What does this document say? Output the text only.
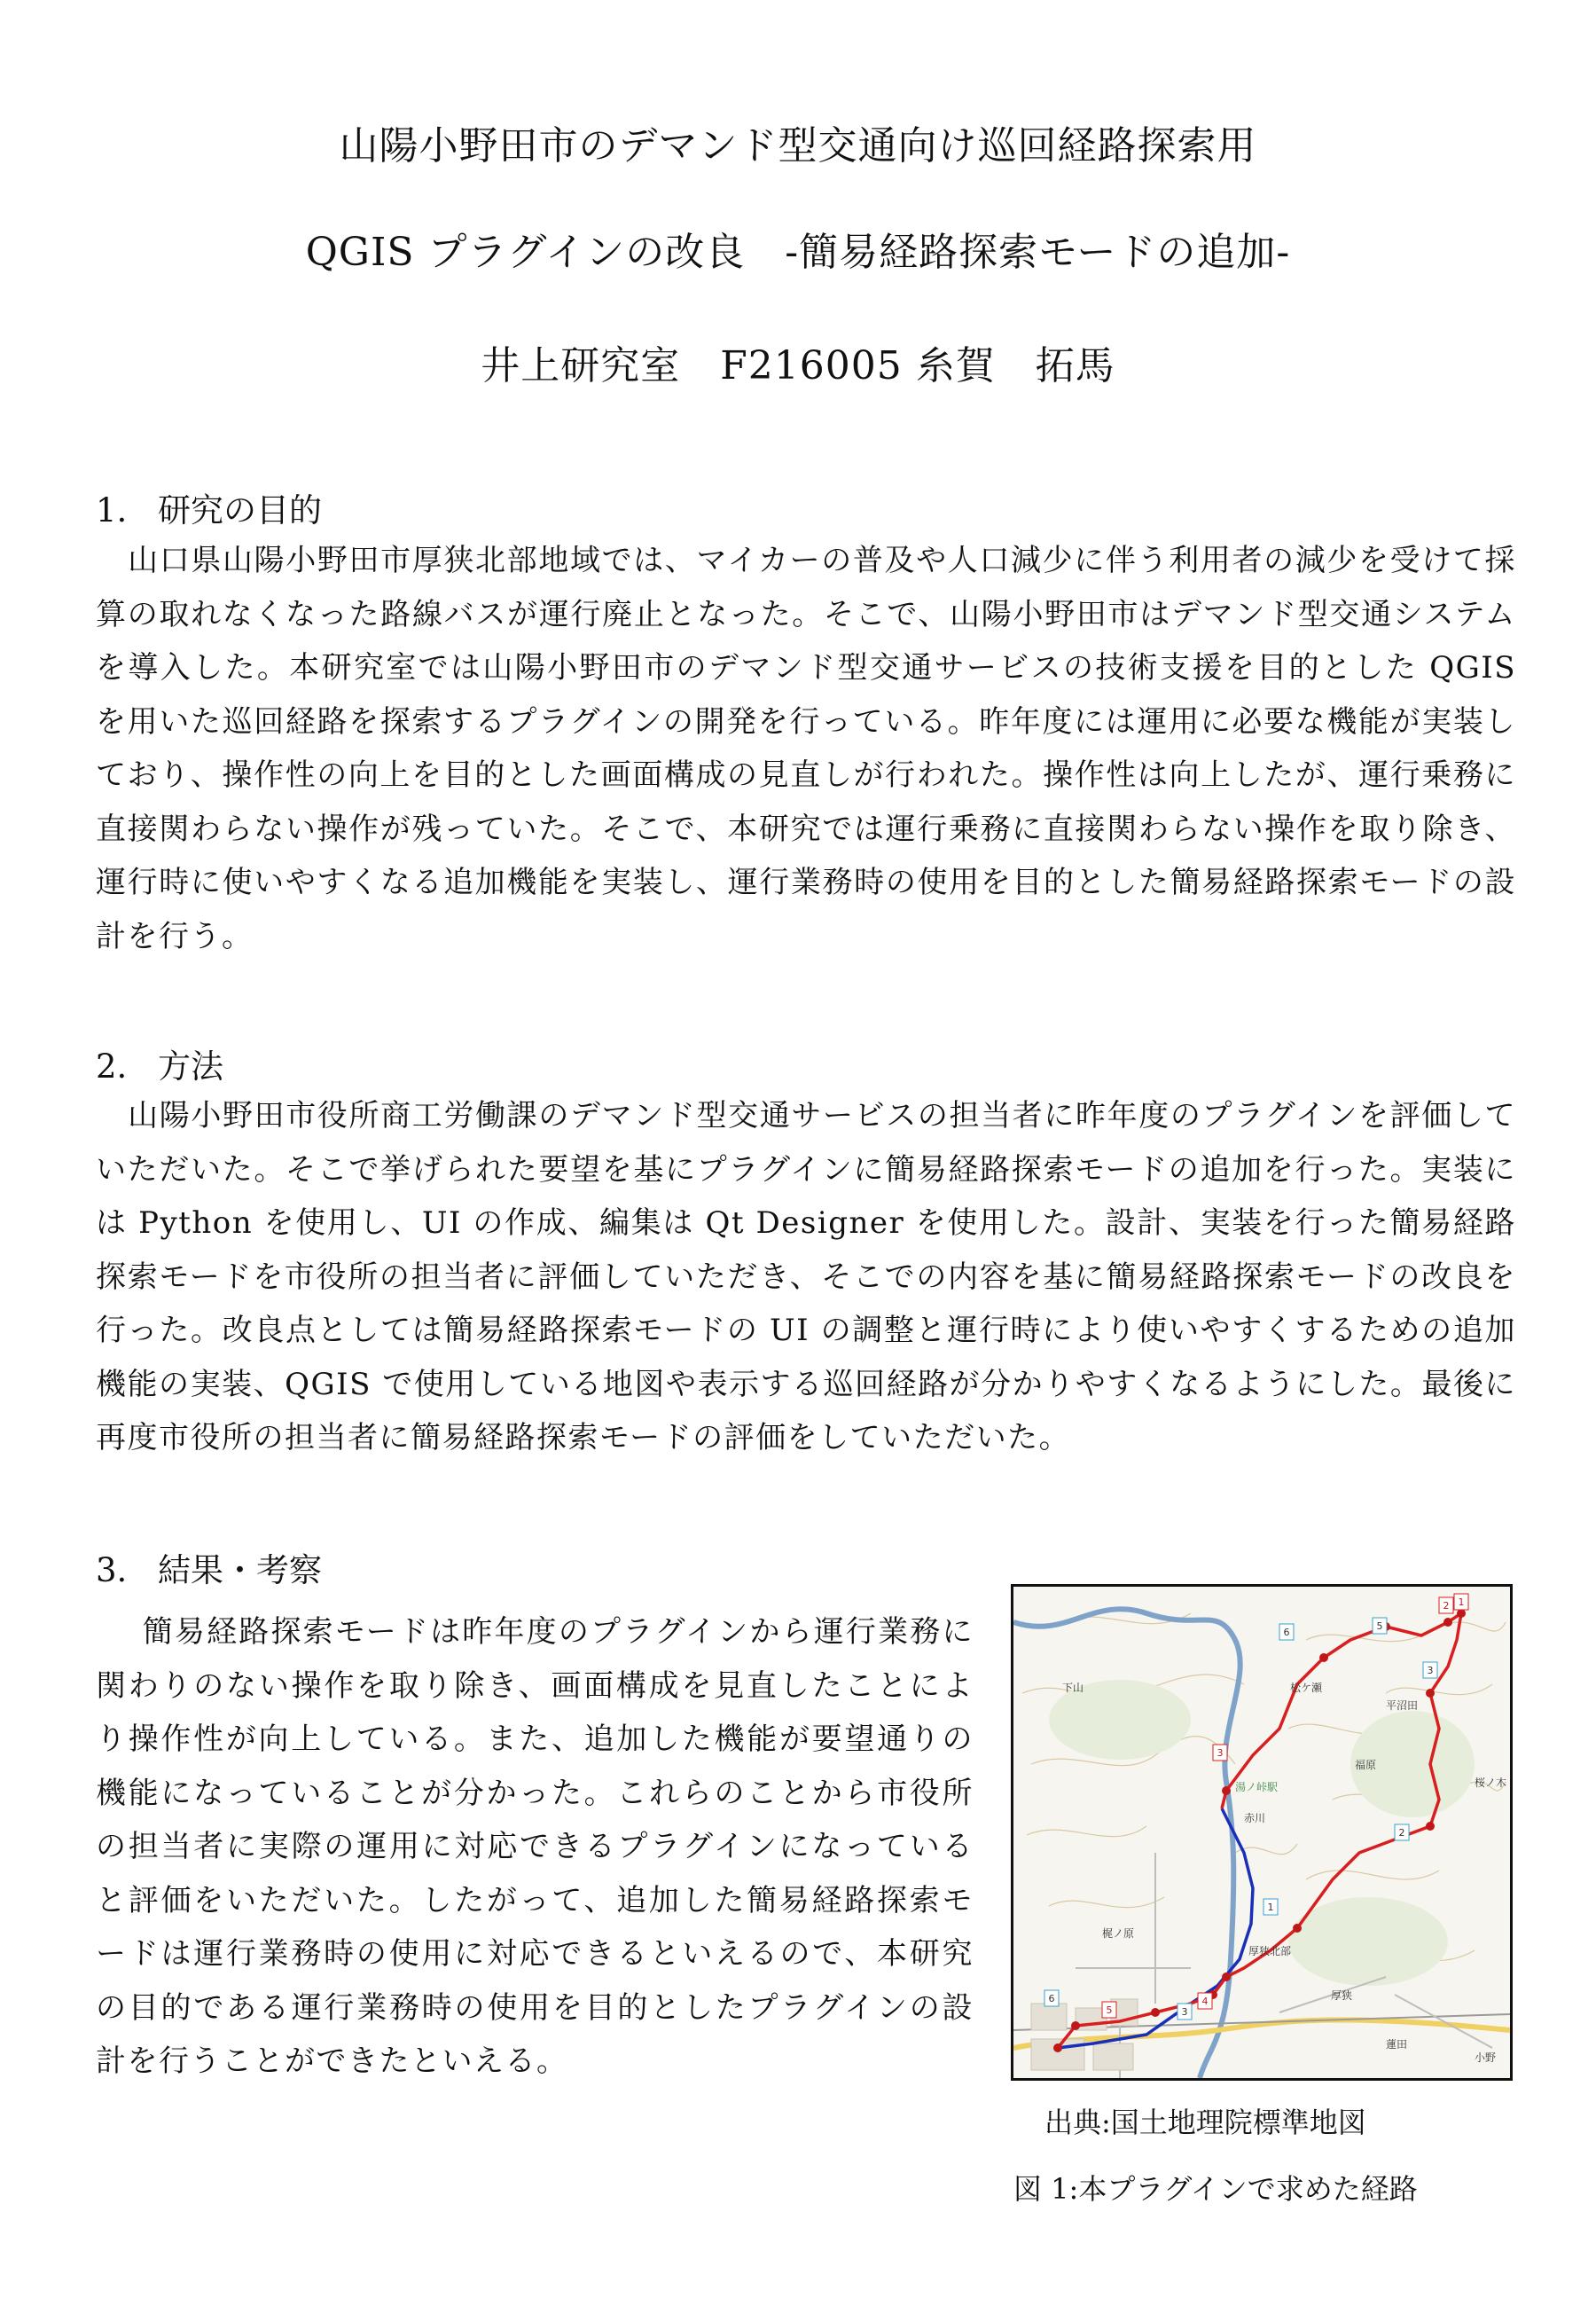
山陽小野田市のデマンド型交通向け巡回経路探索用
QGIS プラグインの改良　-簡易経路探索モードの追加-
井上研究室　F216005 糸賀　拓馬
1. 研究の目的
山口県山陽小野田市厚狭北部地域では、マイカーの普及や人口減少に伴う利用者の減少を受けて採算の取れなくなった路線バスが運行廃止となった。そこで、山陽小野田市はデマンド型交通システムを導入した。本研究室では山陽小野田市のデマンド型交通サービスの技術支援を目的とした QGIS を用いた巡回経路を探索するプラグインの開発を行っている。昨年度には運用に必要な機能が実装しており、操作性の向上を目的とした画面構成の見直しが行われた。操作性は向上したが、運行乗務に直接関わらない操作が残っていた。そこで、本研究では運行乗務に直接関わらない操作を取り除き、運行時に使いやすくなる追加機能を実装し、運行業務時の使用を目的とした簡易経路探索モードの設計を行う。
2. 方法
山陽小野田市役所商工労働課のデマンド型交通サービスの担当者に昨年度のプラグインを評価していただいた。そこで挙げられた要望を基にプラグインに簡易経路探索モードの追加を行った。実装には Python を使用し、UI の作成、編集は Qt Designer を使用した。設計、実装を行った簡易経路探索モードを市役所の担当者に評価していただき、そこでの内容を基に簡易経路探索モードの改良を行った。改良点としては簡易経路探索モードの UI の調整と運行時により使いやすくするための追加機能の実装、QGIS で使用している地図や表示する巡回経路が分かりやすくなるようにした。最後に再度市役所の担当者に簡易経路探索モードの評価をしていただいた。
3. 結果・考察
簡易経路探索モードは昨年度のプラグインから運行業務に関わりのない操作を取り除き、画面構成を見直したことにより操作性が向上している。また、追加した機能が要望通りの機能になっていることが分かった。これらのことから市役所の担当者に実際の運用に対応できるプラグインになっていると評価をいただいた。したがって、追加した簡易経路探索モードは運行業務時の使用に対応できるといえるので、本研究の目的である運行業務時の使用を目的としたプラグインの設計を行うことができたといえる。
1
2
3
5
6
3
2
1
4
3
5
6
下山
湯ノ峠駅
赤川
松ケ瀬
平沼田
福原
桜ノ木
厚狭北部
厚狭
小野
梶ノ原
蓮田
出典:国土地理院標準地図
図 1:本プラグインで求めた経路
